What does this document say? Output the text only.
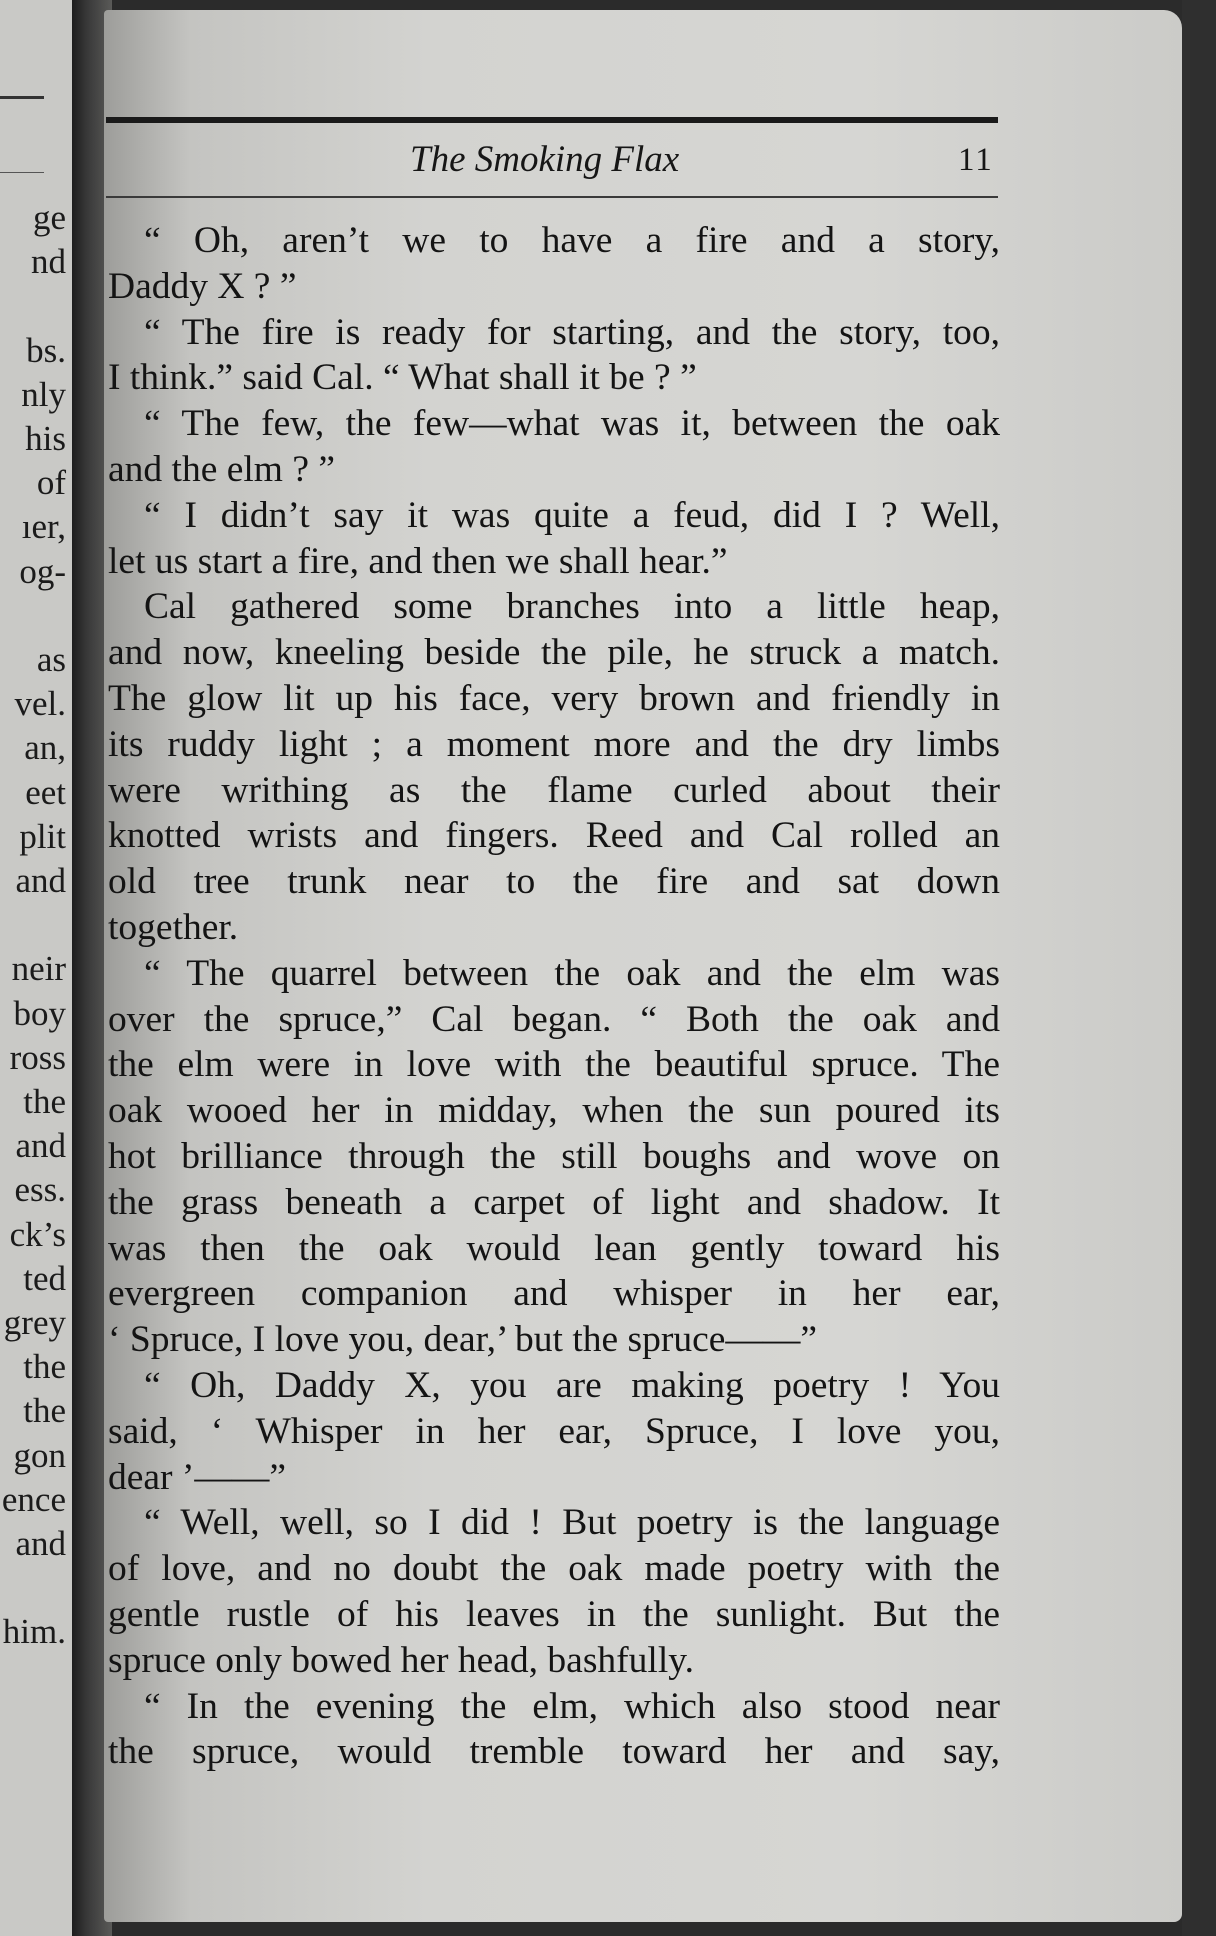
ge
nd
bs.
nly
his
of
ıer,
og-
as
vel.
an,
eet
plit
and
neir
boy
ross
the
and
ess.
ck’s
ted
grey
the
the
gon
ence
and
him.
The Smoking Flax	11
“ Oh, aren’t we to have a fire and a story,
Daddy X ? ”
“ The fire is ready for starting, and the story, too,
I think.” said Cal. “ What shall it be ? ”
“ The few, the few—what was it, between the oak
and the elm ? ”
“ I didn’t say it was quite a feud, did I ? Well,
let us start a fire, and then we shall hear.”
Cal gathered some branches into a little heap,
and now, kneeling beside the pile, he struck a match.
The glow lit up his face, very brown and friendly in
its ruddy light ; a moment more and the dry limbs
were writhing as the flame curled about their
knotted wrists and fingers. Reed and Cal rolled an
old tree trunk near to the fire and sat down
together.
“ The quarrel between the oak and the elm was
over the spruce,” Cal began. “ Both the oak and
the elm were in love with the beautiful spruce. The
oak wooed her in midday, when the sun poured its
hot brilliance through the still boughs and wove on
the grass beneath a carpet of light and shadow. It
was then the oak would lean gently toward his
evergreen companion and whisper in her ear,
‘ Spruce, I love you, dear,’ but the spruce——”
“ Oh, Daddy X, you are making poetry ! You
said, ‘ Whisper in her ear, Spruce, I love you,
dear ’——”
“ Well, well, so I did ! But poetry is the language
of love, and no doubt the oak made poetry with the
gentle rustle of his leaves in the sunlight. But the
spruce only bowed her head, bashfully.
“ In the evening the elm, which also stood near
the spruce, would tremble toward her and say,
